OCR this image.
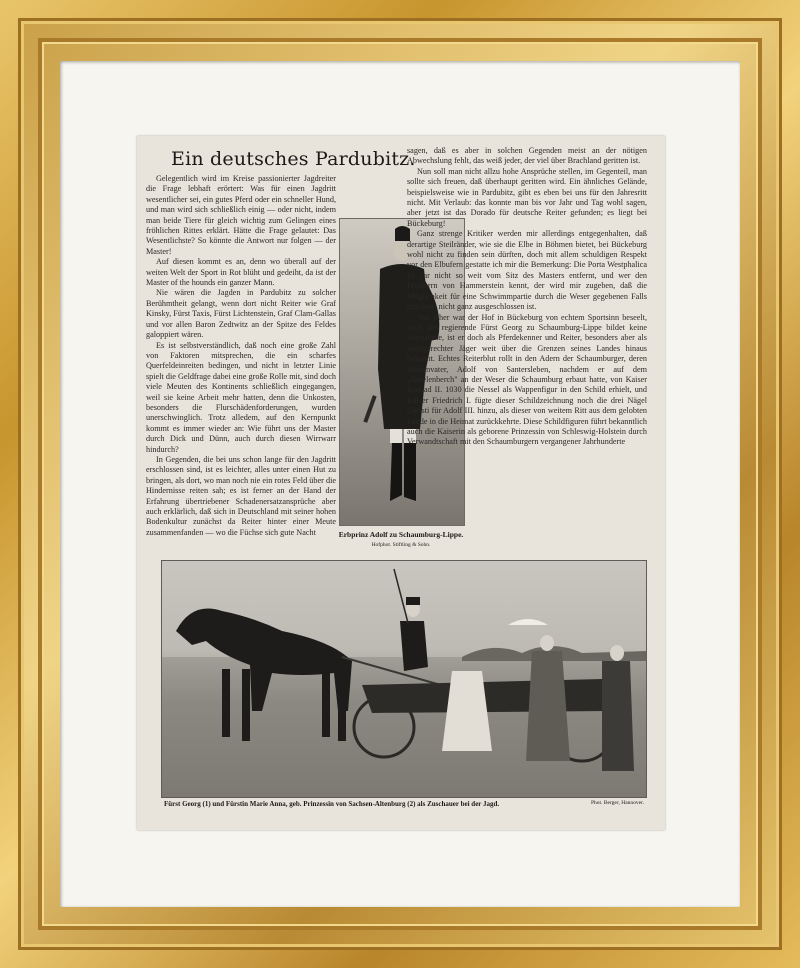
Ein deutsches Pardubitz.

Gelegentlich wird im Kreise passionierter Jagdreiter die Frage lebhaft erörtert: Was für einen Jagdritt wesentlicher sei, ein gutes Pferd oder ein schneller Hund, und man wird sich schließlich einig — oder nicht, indem man beide Tiere für gleich wichtig zum Gelingen eines fröhlichen Rittes erklärt. Hätte die Frage gelautet: Das Wesentlichste? So könnte die Antwort nur folgen — der Master!

Auf diesen kommt es an, denn wo überall auf der weiten Welt der Sport in Rot blüht und gedeiht, da ist der Master of the hounds ein ganzer Mann.

Nie wären die Jagden in Pardubitz zu solcher Berühmtheit gelangt, wenn dort nicht Reiter wie Graf Kinsky, Fürst Taxis, Fürst Lichtenstein, Graf Clam-Gallas und vor allen Baron Zedtwitz an der Spitze des Feldes galoppiert wären.

Es ist selbstverständlich, daß noch eine große Zahl von Faktoren mitsprechen, die ein scharfes Querfeldeinreiten bedingen, und nicht in letzter Linie spielt die Geldfrage dabei eine große Rolle mit, sind doch viele Meuten des Kontinents schließlich eingegangen, weil sie keine Arbeit mehr hatten, denn die Unkosten, besonders die Flurschädenforderungen, wurden unerschwinglich. Trotz alledem, auf den Kernpunkt kommt es immer wieder an: Wie führt uns der Master durch Dick und Dünn, auch durch diesen Wirrwarr hindurch?

In Gegenden, die bei uns schon lange für den Jagdritt erschlossen sind, ist es leichter, alles unter einen Hut zu bringen, als dort, wo man noch nie ein rotes Feld über die Hindernisse reiten sah; es ist ferner an der Hand der Erfahrung übertriebener Schadenersatzansprüche aber auch erklärlich, daß sich in Deutschland mit seiner hohen Bodenkultur zunächst da Reiter hinter einer Meute zusammenfanden — wo die Füchse sich gute Nacht	Erbprinz Adolf zu Schaumburg-Lippe.
Hofphot. Stiftling & Sohn.

sagen, daß es aber in solchen Gegenden meist an der nötigen Abwechslung fehlt, das weiß jeder, der viel über Brachland geritten ist.

Nun soll man nicht allzu hohe Ansprüche stellen, im Gegenteil, man sollte sich freuen, daß überhaupt geritten wird. Ein ähnliches Gelände, beispielsweise wie in Pardubitz, gibt es eben bei uns für den Jahresritt nicht. Mit Verlaub: das konnte man bis vor Jahr und Tag wohl sagen, aber jetzt ist das Dorado für deutsche Reiter gefunden; es liegt bei Bückeburg!

Ganz strenge Kritiker werden mir allerdings entgegenhalten, daß derartige Steilränder, wie sie die Elbe in Böhmen bietet, bei Bückeburg wohl nicht zu finden sein dürften, doch mit allem schuldigen Respekt vor den Elbufern gestatte ich mir die Bemerkung: Die Porta Westphalica ist gar nicht so weit vom Sitz des Masters entfernt, und wer den Freiherrn von Hammerstein kennt, der wird mir zugeben, daß die Möglichkeit für eine Schwimmpartie durch die Weser gegebenen Falls durchaus nicht ganz ausgeschlossen ist.

Von jeher war der Hof in Bückeburg von echtem Sportsinn beseelt, auch der regierende Fürst Georg zu Schaumburg-Lippe bildet keine Ausnahme, ist er doch als Pferdekenner und Reiter, besonders aber als weidgerechter Jäger weit über die Grenzen seines Landes hinaus bekannt. Echtes Reiterblut rollt in den Adern der Schaumburger, deren Stammvater, Adolf von Santersleben, nachdem er auf dem „Netelenberch" an der Weser die Schaumburg erbaut hatte, von Kaiser Konrad II. 1030 die Nessel als Wappenfigur in den Schild erhielt, und Kaiser Friedrich I. fügte dieser Schildzeichnung noch die drei Nägel Christi für Adolf III. hinzu, als dieser von weitem Ritt aus dem gelobten Lande in die Heimat zurückkehrte. Diese Schildfiguren führt bekanntlich auch die Kaiserin als geborene Prinzessin von Schleswig-Holstein durch Verwandtschaft mit den Schaumburgern vergangener Jahrhunderte

Phot. Berger, Hannover.
Fürst Georg (1) und Fürstin Marie Anna, geb. Prinzessin von Sachsen-Altenburg (2) als Zuschauer bei der Jagd.
